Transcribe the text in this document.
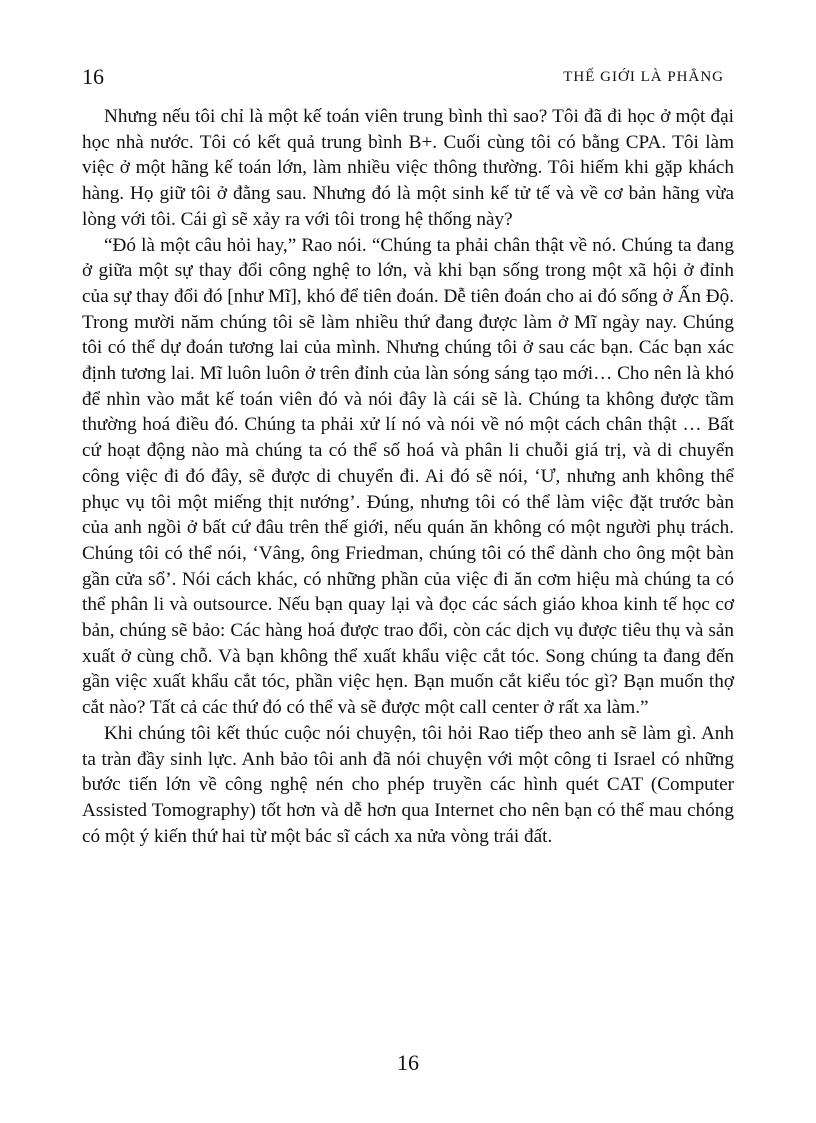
16	THẾ GIỚI LÀ PHẲNG

Nhưng nếu tôi chỉ là một kế toán viên trung bình thì sao? Tôi đã đi học ở một đại học nhà nước. Tôi có kết quả trung bình B+. Cuối cùng tôi có bằng CPA. Tôi làm việc ở một hãng kế toán lớn, làm nhiều việc thông thường. Tôi hiếm khi gặp khách hàng. Họ giữ tôi ở đằng sau. Nhưng đó là một sinh kế tử tế và về cơ bản hãng vừa lòng với tôi. Cái gì sẽ xảy ra với tôi trong hệ thống này?

“Đó là một câu hỏi hay,” Rao nói. “Chúng ta phải chân thật về nó. Chúng ta đang ở giữa một sự thay đổi công nghệ to lớn, và khi bạn sống trong một xã hội ở đỉnh của sự thay đổi đó [như Mĩ], khó để tiên đoán. Dễ tiên đoán cho ai đó sống ở Ấn Độ. Trong mười năm chúng tôi sẽ làm nhiều thứ đang được làm ở Mĩ ngày nay. Chúng tôi có thể dự đoán tương lai của mình. Nhưng chúng tôi ở sau các bạn. Các bạn xác định tương lai. Mĩ luôn luôn ở trên đỉnh của làn sóng sáng tạo mới… Cho nên là khó để nhìn vào mắt kế toán viên đó và nói đây là cái sẽ là. Chúng ta không được tầm thường hoá điều đó. Chúng ta phải xử lí nó và nói về nó một cách chân thật … Bất cứ hoạt động nào mà chúng ta có thể số hoá và phân li chuỗi giá trị, và di chuyển công việc đi đó đây, sẽ được di chuyển đi. Ai đó sẽ nói, ‘Ư, nhưng anh không thể phục vụ tôi một miếng thịt nướng’. Đúng, nhưng tôi có thể làm việc đặt trước bàn của anh ngồi ở bất cứ đâu trên thế giới, nếu quán ăn không có một người phụ trách. Chúng tôi có thể nói, ‘Vâng, ông Friedman, chúng tôi có thể dành cho ông một bàn gần cửa sổ’. Nói cách khác, có những phần của việc đi ăn cơm hiệu mà chúng ta có thể phân li và outsource. Nếu bạn quay lại và đọc các sách giáo khoa kinh tế học cơ bản, chúng sẽ bảo: Các hàng hoá được trao đổi, còn các dịch vụ được tiêu thụ và sản xuất ở cùng chỗ. Và bạn không thể xuất khẩu việc cắt tóc. Song chúng ta đang đến gần việc xuất khẩu cắt tóc, phần việc hẹn. Bạn muốn cắt kiểu tóc gì? Bạn muốn thợ cắt nào? Tất cả các thứ đó có thể và sẽ được một call center ở rất xa làm.”

Khi chúng tôi kết thúc cuộc nói chuyện, tôi hỏi Rao tiếp theo anh sẽ làm gì. Anh ta tràn đầy sinh lực. Anh bảo tôi anh đã nói chuyện với một công ti Israel có những bước tiến lớn về công nghệ nén cho phép truyền các hình quét CAT (Computer Assisted Tomography) tốt hơn và dễ hơn qua Internet cho nên bạn có thể mau chóng có một ý kiến thứ hai từ một bác sĩ cách xa nửa vòng trái đất.

16
